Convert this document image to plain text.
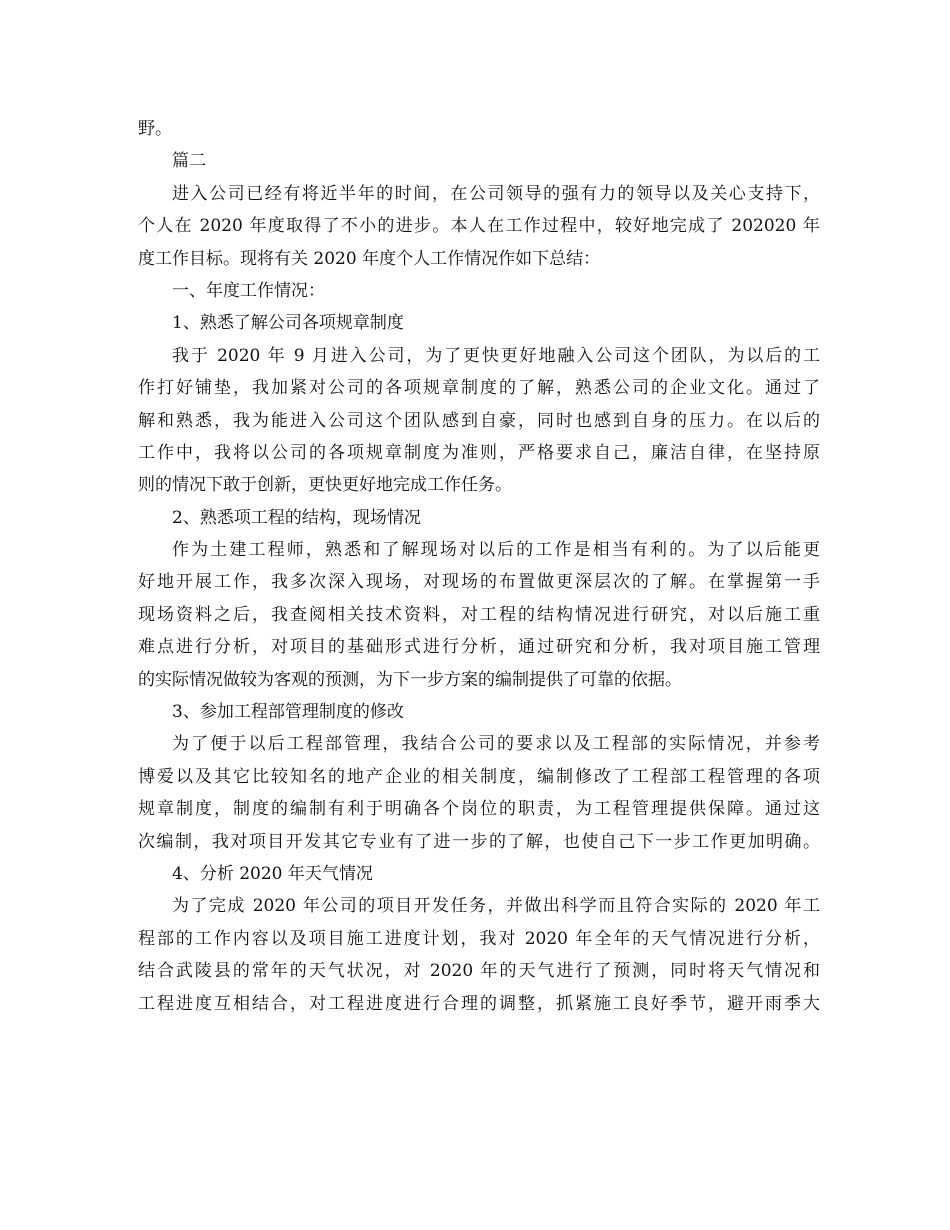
野。
篇二
进入公司已经有将近半年的时间，在公司领导的强有力的领导以及关心支持下，
个人在 2020 年度取得了不小的进步。本人在工作过程中，较好地完成了 202020 年
度工作目标。现将有关 2020 年度个人工作情况作如下总结：
一、年度工作情况：
1、熟悉了解公司各项规章制度
我于 2020 年 9 月进入公司，为了更快更好地融入公司这个团队，为以后的工
作打好铺垫，我加紧对公司的各项规章制度的了解，熟悉公司的企业文化。通过了
解和熟悉，我为能进入公司这个团队感到自豪，同时也感到自身的压力。在以后的
工作中，我将以公司的各项规章制度为准则，严格要求自己，廉洁自律，在坚持原
则的情况下敢于创新，更快更好地完成工作任务。
2、熟悉项工程的结构，现场情况
作为土建工程师，熟悉和了解现场对以后的工作是相当有利的。为了以后能更
好地开展工作，我多次深入现场，对现场的布置做更深层次的了解。在掌握第一手
现场资料之后，我查阅相关技术资料，对工程的结构情况进行研究，对以后施工重
难点进行分析，对项目的基础形式进行分析，通过研究和分析，我对项目施工管理
的实际情况做较为客观的预测，为下一步方案的编制提供了可靠的依据。
3、参加工程部管理制度的修改
为了便于以后工程部管理，我结合公司的要求以及工程部的实际情况，并参考
博爱以及其它比较知名的地产企业的相关制度，编制修改了工程部工程管理的各项
规章制度，制度的编制有利于明确各个岗位的职责，为工程管理提供保障。通过这
次编制，我对项目开发其它专业有了进一步的了解，也使自己下一步工作更加明确。
4、分析 2020 年天气情况
为了完成 2020 年公司的项目开发任务，并做出科学而且符合实际的 2020 年工
程部的工作内容以及项目施工进度计划，我对 2020 年全年的天气情况进行分析，
结合武陵县的常年的天气状况，对 2020 年的天气进行了预测，同时将天气情况和
工程进度互相结合，对工程进度进行合理的调整，抓紧施工良好季节，避开雨季大
